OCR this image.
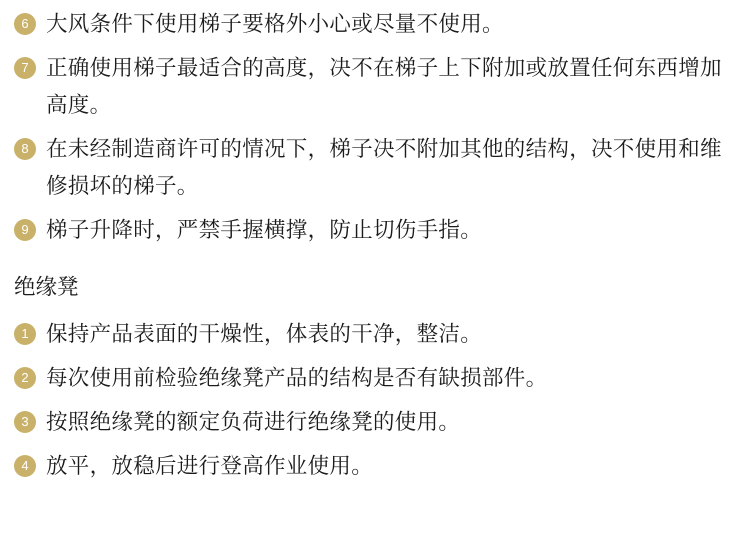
6 大风条件下使用梯子要格外小心或尽量不使用。
7 正确使用梯子最适合的高度，决不在梯子上下附加或放置任何东西增加高度。
8 在未经制造商许可的情况下，梯子决不附加其他的结构，决不使用和维修损坏的梯子。
9 梯子升降时，严禁手握横撑，防止切伤手指。
绝缘凳
1 保持产品表面的干燥性，体表的干净，整洁。
2 每次使用前检验绝缘凳产品的结构是否有缺损部件。
3 按照绝缘凳的额定负荷进行绝缘凳的使用。
4 放平，放稳后进行登高作业使用。
